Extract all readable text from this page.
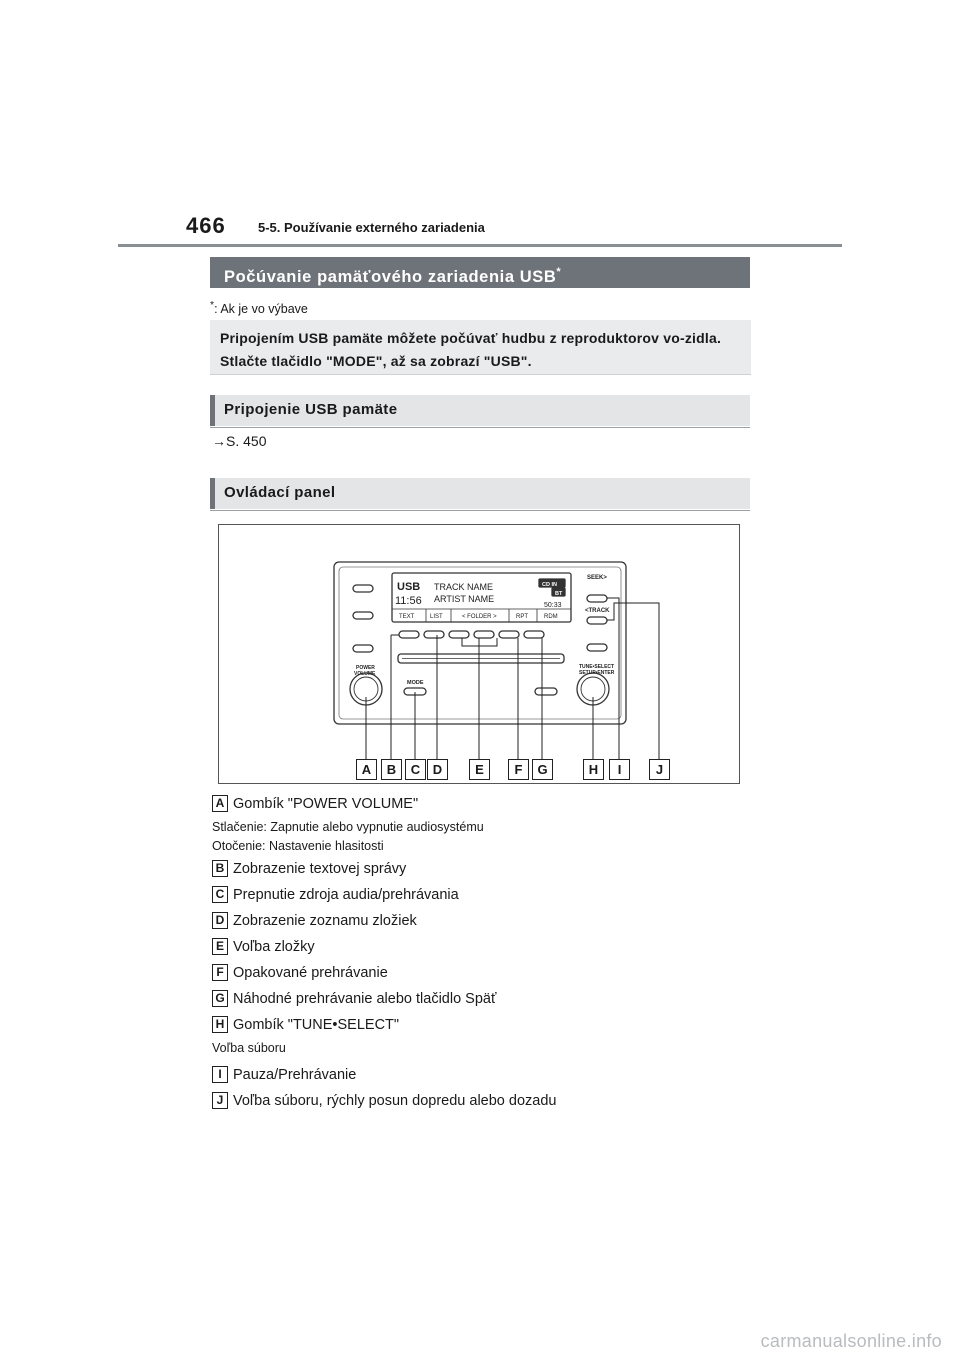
466 5-5. Používanie externého zariadenia
Počúvanie pamäťového zariadenia USB*
*: Ak je vo výbave

Pripojením USB pamäte môžete počúvať hudbu z reproduktorov vo-zidla. Stlačte tlačidlo "MODE", až sa zobrazí "USB".

Pripojenie USB pamäte
→S. 450
Ovládací panel
USB
11:56
TRACK NAME
ARTIST NAME
CD IN
BT
50:33
TEXT	LIST	< FOLDER >	RPT	RDM
SEEK>
<TRACK
POWER
VOLUME
MODE
TUNE•SELECT
SETUP•ENTER
A	B	C D	E	F	G	H	I	J
A Gombík "POWER VOLUME"
B Zobrazenie textovej správy
C Prepnutie zdroja audia/prehrávania
D Zobrazenie zoznamu zložiek
E Voľba zložky
F Opakované prehrávanie
G Náhodné prehrávanie alebo tlačidlo Späť
H Gombík "TUNE•SELECT"
I Pauza/Prehrávanie
J Voľba súboru, rýchly posun dopredu alebo dozadu
Stlačenie: Zapnutie alebo vypnutie audiosystému
Otočenie: Nastavenie hlasitosti
Voľba súboru
carmanualsonline.info
